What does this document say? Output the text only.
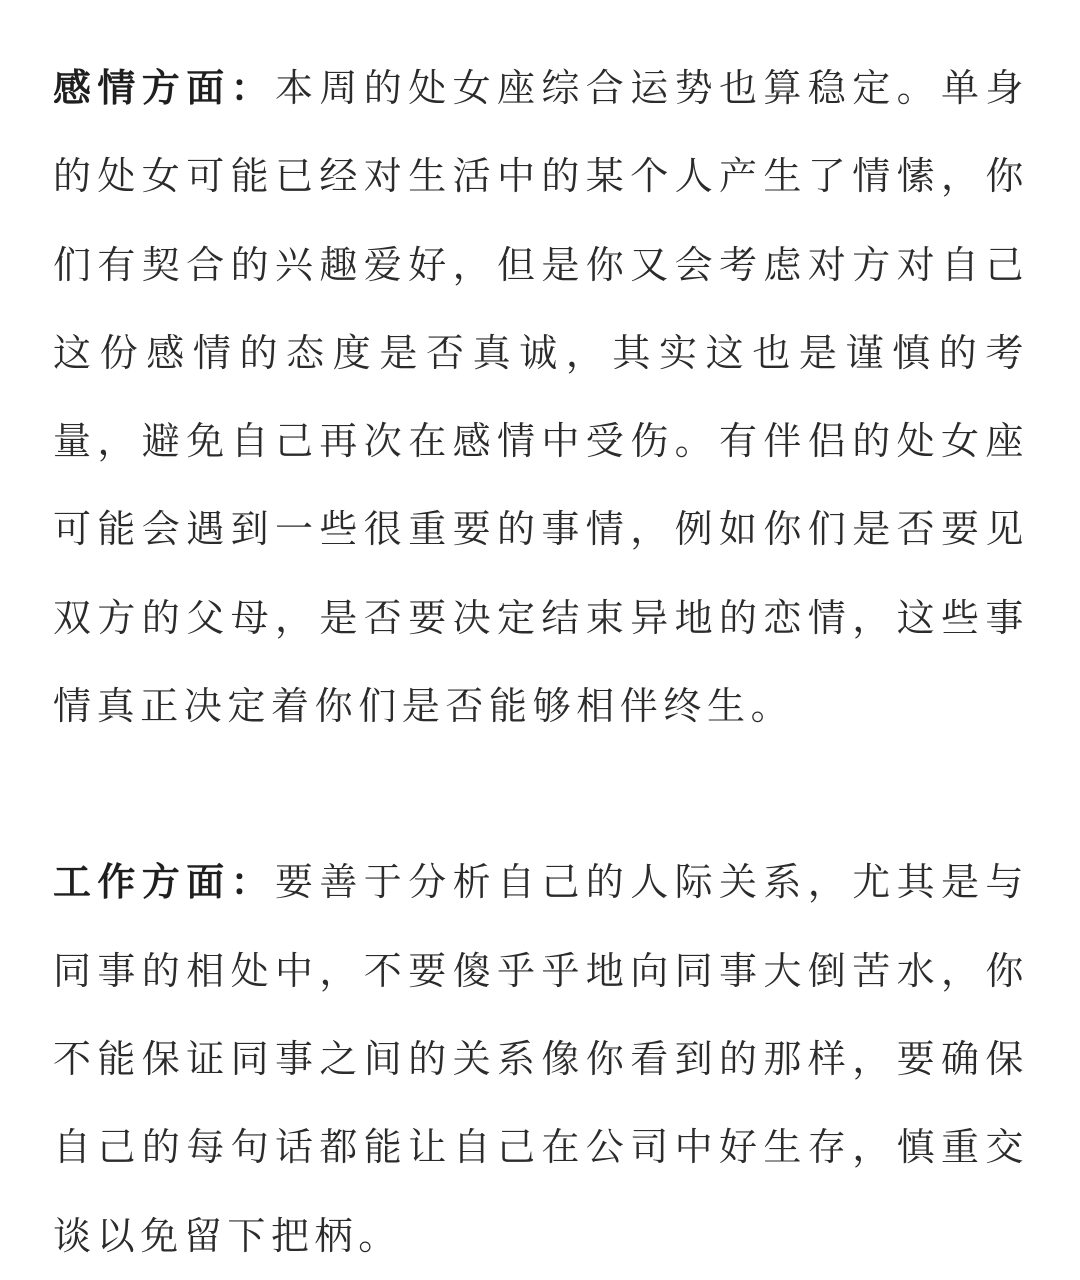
感情方面：本周的处女座综合运势也算稳定。单身的处女可能已经对生活中的某个人产生了情愫，你们有契合的兴趣爱好，但是你又会考虑对方对自己这份感情的态度是否真诚，其实这也是谨慎的考量，避免自己再次在感情中受伤。有伴侣的处女座可能会遇到一些很重要的事情，例如你们是否要见双方的父母，是否要决定结束异地的恋情，这些事情真正决定着你们是否能够相伴终生。

工作方面：要善于分析自己的人际关系，尤其是与同事的相处中，不要傻乎乎地向同事大倒苦水，你不能保证同事之间的关系像你看到的那样，要确保自己的每句话都能让自己在公司中好生存，慎重交谈以免留下把柄。
